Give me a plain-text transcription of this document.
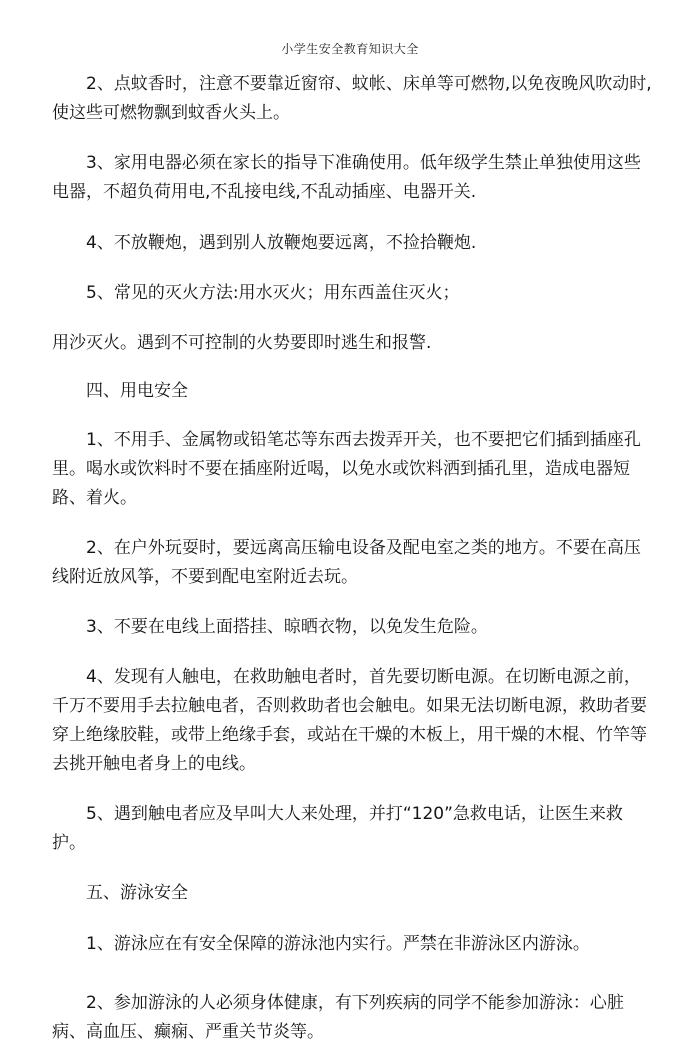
小学生安全教育知识大全

2、点蚊香时，注意不要靠近窗帘、蚊帐、床单等可燃物,以免夜晚风吹动时,使这些可燃物飘到蚊香火头上。

3、家用电器必须在家长的指导下准确使用。低年级学生禁止单独使用这些电器，不超负荷用电,不乱接电线,不乱动插座、电器开关.

4、不放鞭炮，遇到别人放鞭炮要远离，不捡拾鞭炮.

5、常见的灭火方法:用水灭火；用东西盖住灭火；

用沙灭火。遇到不可控制的火势要即时逃生和报警.

四、用电安全

1、不用手、金属物或铅笔芯等东西去拨弄开关，也不要把它们插到插座孔里。喝水或饮料时不要在插座附近喝，以免水或饮料洒到插孔里，造成电器短路、着火。

2、在户外玩耍时，要远离高压输电设备及配电室之类的地方。不要在高压线附近放风筝，不要到配电室附近去玩。

3、不要在电线上面搭挂、晾晒衣物，以免发生危险。

4、发现有人触电，在救助触电者时，首先要切断电源。在切断电源之前，千万不要用手去拉触电者，否则救助者也会触电。如果无法切断电源，救助者要穿上绝缘胶鞋，或带上绝缘手套，或站在干燥的木板上，用干燥的木棍、竹竿等去挑开触电者身上的电线。

5、遇到触电者应及早叫大人来处理，并打“120”急救电话，让医生来救护。

五、游泳安全

1、游泳应在有安全保障的游泳池内实行。严禁在非游泳区内游泳。

2、参加游泳的人必须身体健康，有下列疾病的同学不能参加游泳：心脏病、高血压、癫痫、严重关节炎等。
